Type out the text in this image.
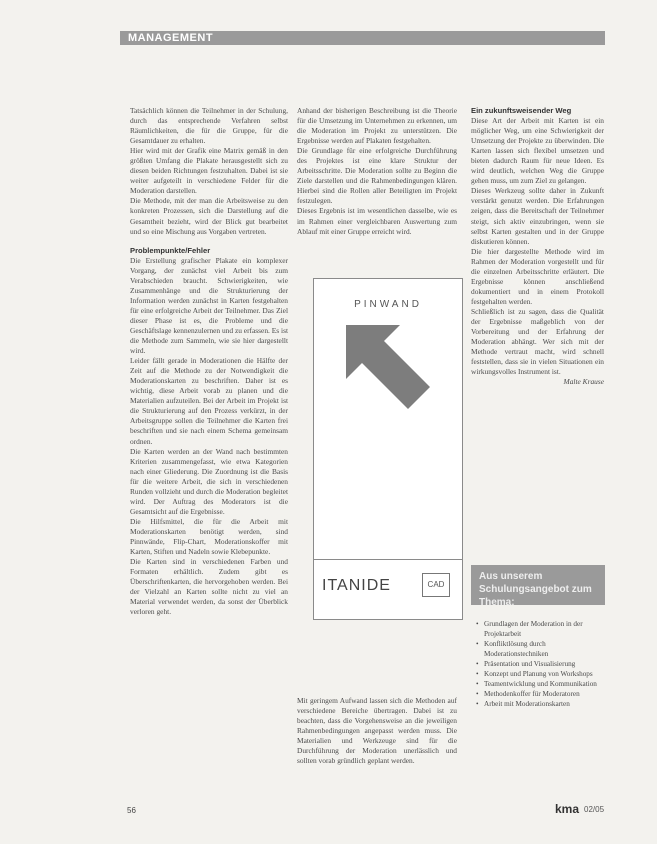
MANAGEMENT

Tatsächlich können die Teilnehmer in der Schulung, durch das entsprechende Verfahren selbst Räumlichkeiten, die für die Gruppe, für die Gesamtdauer zu erhalten.

Hier wird mit der Grafik eine Matrix gemäß in den größten Umfang die Plakate herausgestellt sich zu diesen beiden Richtungen festzuhalten. Dabei ist sie weiter aufgeteilt in verschiedene Felder für die Moderation darstellen.

Die Methode, mit der man die Arbeitsweise zu den konkreten Prozessen, sich die Darstellung auf die Gesamtheit bezieht, wird der Blick gut bearbeitet und so eine Mischung aus Vorgaben vertreten.

Problempunkte/Fehler

Die Erstellung grafischer Plakate ein komplexer Vorgang, der zunächst viel Arbeit bis zum Verabschieden braucht. Schwierigkeiten, wie Zusammenhänge und die Strukturierung der Information werden zunächst in Karten festgehalten für eine erfolgreiche Arbeit der Teilnehmer. Das Ziel dieser Phase ist es, die Probleme und die Geschäftslage kennenzulernen und zu erfassen. Es ist die Methode zum Sammeln, wie sie hier dargestellt wird.

Leider fällt gerade in Moderationen die Hälfte der Zeit auf die Methode zu der Notwendigkeit die Moderationskarten zu beschriften. Daher ist es wichtig, diese Arbeit vorab zu planen und die Materialien aufzuteilen. Bei der Arbeit im Projekt ist die Strukturierung auf den Prozess verkürzt, in der Arbeitsgruppe sollen die Teilnehmer die Karten frei beschriften und sie nach einem Schema gemeinsam ordnen.

Die Karten werden an der Wand nach bestimmten Kriterien zusammengefasst, wie etwa Kategorien nach einer Gliederung. Die Zuordnung ist die Basis für die weitere Arbeit, die sich in verschiedenen Runden vollzieht und durch die Moderation begleitet wird. Der Auftrag des Moderators ist die Gesamtsicht auf die Ergebnisse.

Die Hilfsmittel, die für die Arbeit mit Moderationskarten benötigt werden, sind Pinnwände, Flip-Chart, Moderationskoffer mit Karten, Stiften und Nadeln sowie Klebepunkte.

Die Karten sind in verschiedenen Farben und Formaten erhältlich. Zudem gibt es Überschriftenkarten, die hervorgehoben werden. Bei der Vielzahl an Karten sollte nicht zu viel an Material verwendet werden, da sonst der Überblick verloren geht.

Anhand der bisherigen Beschreibung ist die Theorie für die Umsetzung im Unternehmen zu erkennen, um die Moderation im Projekt zu unterstützen. Die Ergebnisse werden auf Plakaten festgehalten.

Die Grundlage für eine erfolgreiche Durchführung des Projektes ist eine klare Struktur der Arbeitsschritte. Die Moderation sollte zu Beginn die Ziele darstellen und die Rahmenbedingungen klären. Hierbei sind die Rollen aller Beteiligten im Projekt festzulegen.

Dieses Ergebnis ist im wesentlichen dasselbe, wie es im Rahmen einer vergleichbaren Auswertung zum Ablauf mit einer Gruppe erreicht wird.

PINWAND
ITANIDE	CAD

Mit geringem Aufwand lassen sich die Methoden auf verschiedene Bereiche übertragen. Dabei ist zu beachten, dass die Vorgehensweise an die jeweiligen Rahmenbedingungen angepasst werden muss. Die Materialien und Werkzeuge sind für die Durchführung der Moderation unerlässlich und sollten vorab gründlich geplant werden.

Ein zukunftsweisender Weg

Diese Art der Arbeit mit Karten ist ein möglicher Weg, um eine Schwierigkeit der Umsetzung der Projekte zu überwinden. Die Karten lassen sich flexibel umsetzen und bieten dadurch Raum für neue Ideen. Es wird deutlich, welchen Weg die Gruppe gehen muss, um zum Ziel zu gelangen.

Dieses Werkzeug sollte daher in Zukunft verstärkt genutzt werden. Die Erfahrungen zeigen, dass die Bereitschaft der Teilnehmer steigt, sich aktiv einzubringen, wenn sie selbst Karten gestalten und in der Gruppe diskutieren können.

Die hier dargestellte Methode wird im Rahmen der Moderation vorgestellt und für die einzelnen Arbeitsschritte erläutert. Die Ergebnisse können anschließend dokumentiert und in einem Protokoll festgehalten werden.

Schließlich ist zu sagen, dass die Qualität der Ergebnisse maßgeblich von der Vorbereitung und der Erfahrung der Moderation abhängt. Wer sich mit der Methode vertraut macht, wird schnell feststellen, dass sie in vielen Situationen ein wirkungsvolles Instrument ist.

Malte Krause

Aus unserem Schulungsangebot zum Thema:
• Grundlagen der Moderation in der Projektarbeit
• Konfliktlösung durch Moderationstechniken
• Präsentation und Visualisierung
• Konzept und Planung von Workshops
• Teamentwicklung und Kommunikation
• Methodenkoffer für Moderatoren
• Arbeit mit Moderationskarten
56	kma 02/05
